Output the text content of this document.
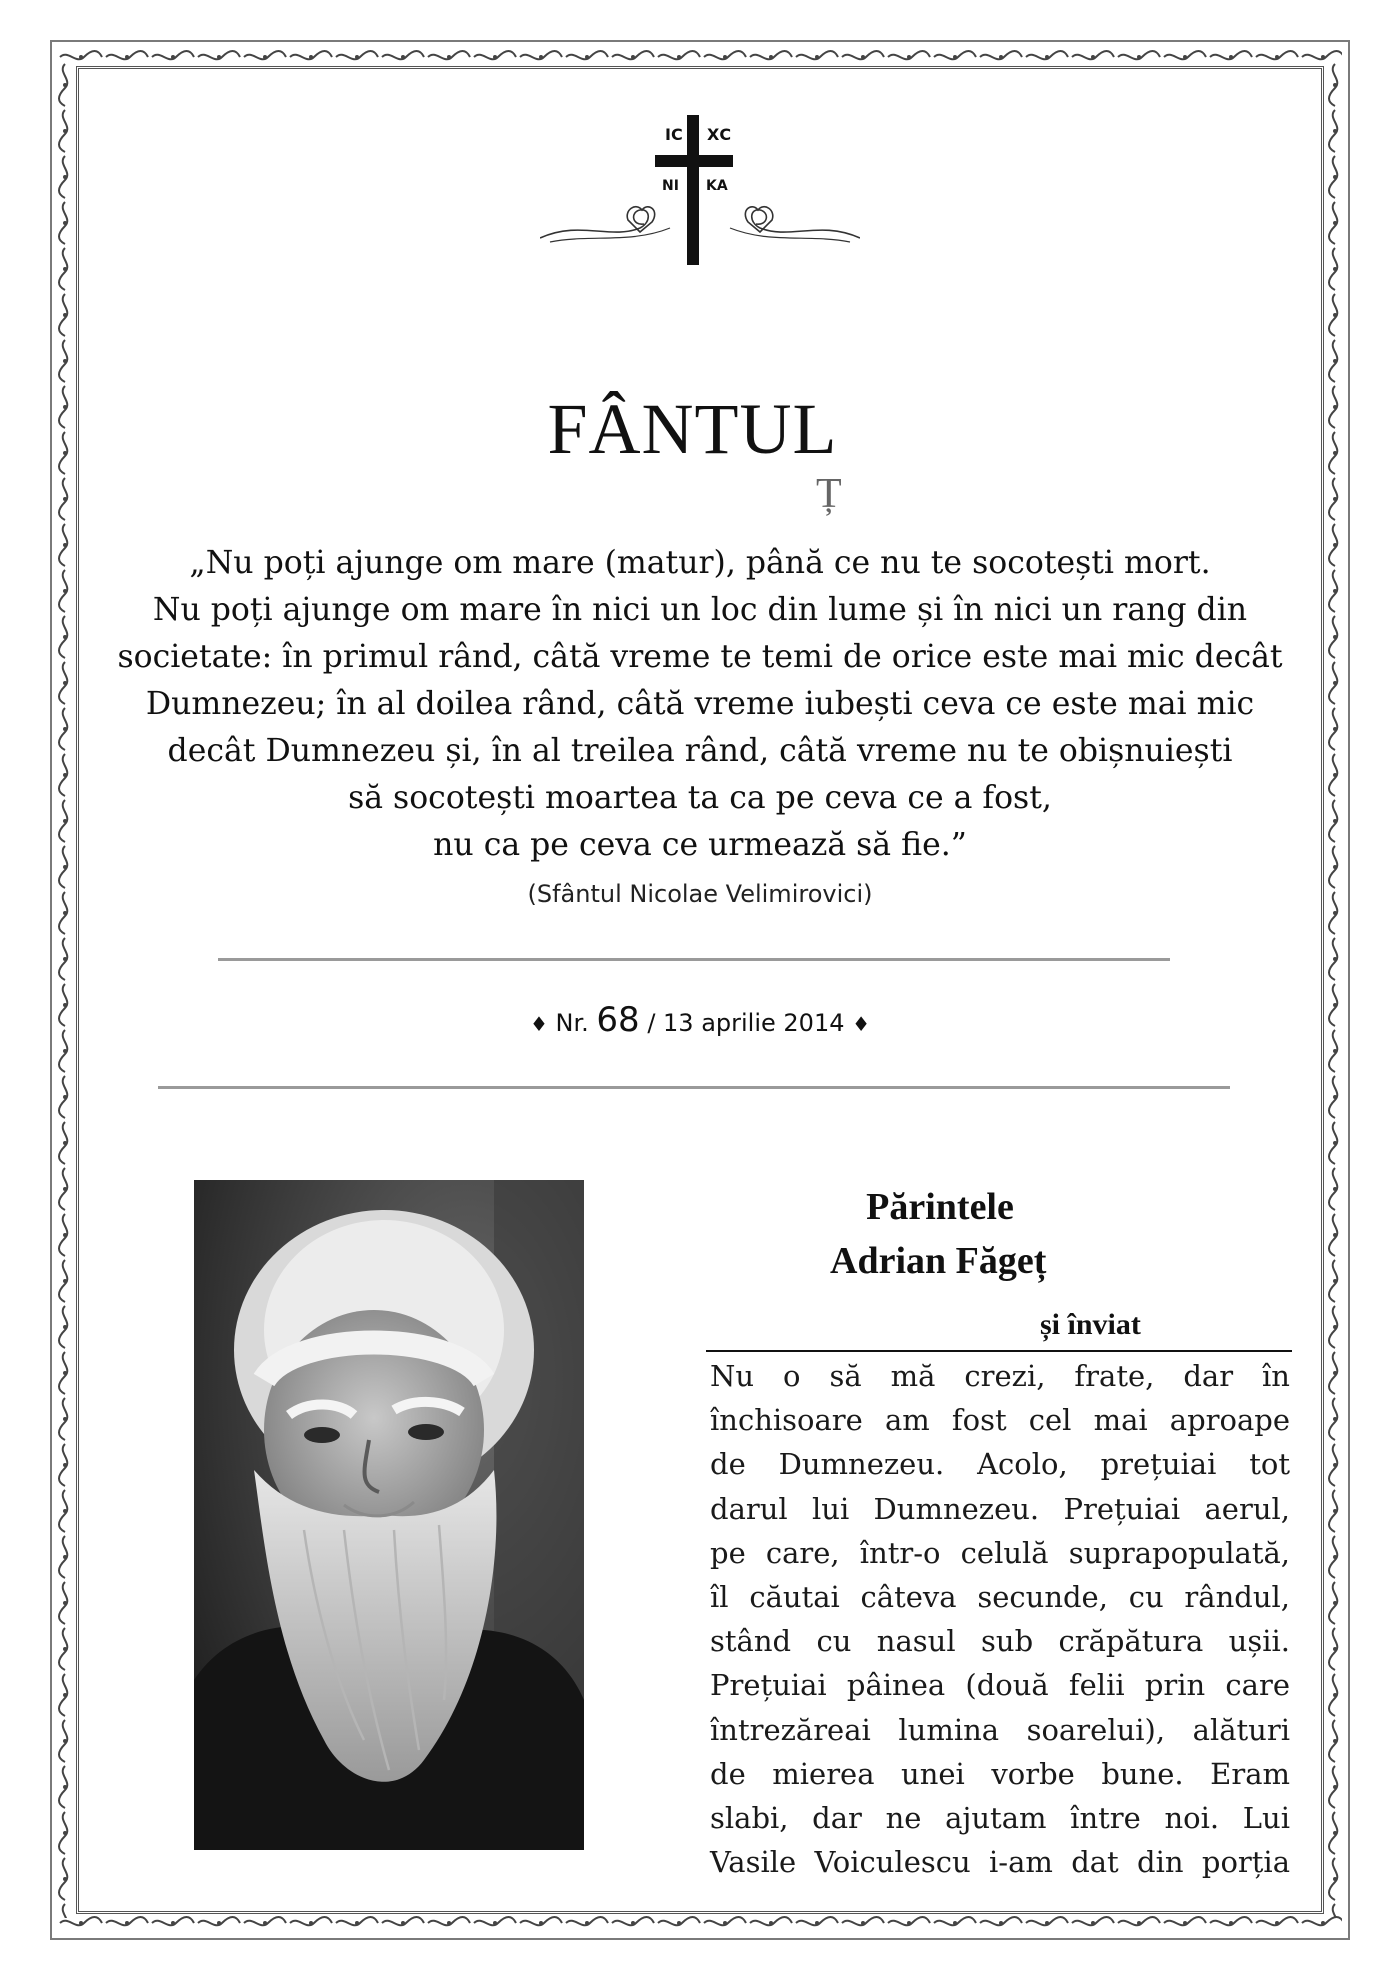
IC ΧC
NI KA
FÂNTUL
Ț
„Nu poți ajunge om mare (matur), până ce nu te socotești mort.
Nu poți ajunge om mare în nici un loc din lume și în nici un rang din
societate: în primul rând, câtă vreme te temi de orice este mai mic decât
Dumnezeu; în al doilea rând, câtă vreme iubești ceva ce este mai mic
decât Dumnezeu și, în al treilea rând, câtă vreme nu te obișnuiești
să socotești moartea ta ca pe ceva ce a fost,
nu ca pe ceva ce urmează să fie.”
(Sfântul Nicolae Velimirovici)
♦ Nr. 68 / 13 aprilie 2014 ♦
Părintele
Adrian Făgeț
și înviat
Nu o să mă crezi, frate, dar în
închisoare am fost cel mai aproape
de Dumnezeu. Acolo, prețuiai tot
darul lui Dumnezeu. Prețuiai aerul,
pe care, într-o celulă suprapopulată,
îl căutai câteva secunde, cu rândul,
stând cu nasul sub crăpătura ușii.
Prețuiai pâinea (două felii prin care
întrezăreai lumina soarelui), alături
de mierea unei vorbe bune. Eram
slabi, dar ne ajutam între noi. Lui
Vasile Voiculescu i-am dat din porția
